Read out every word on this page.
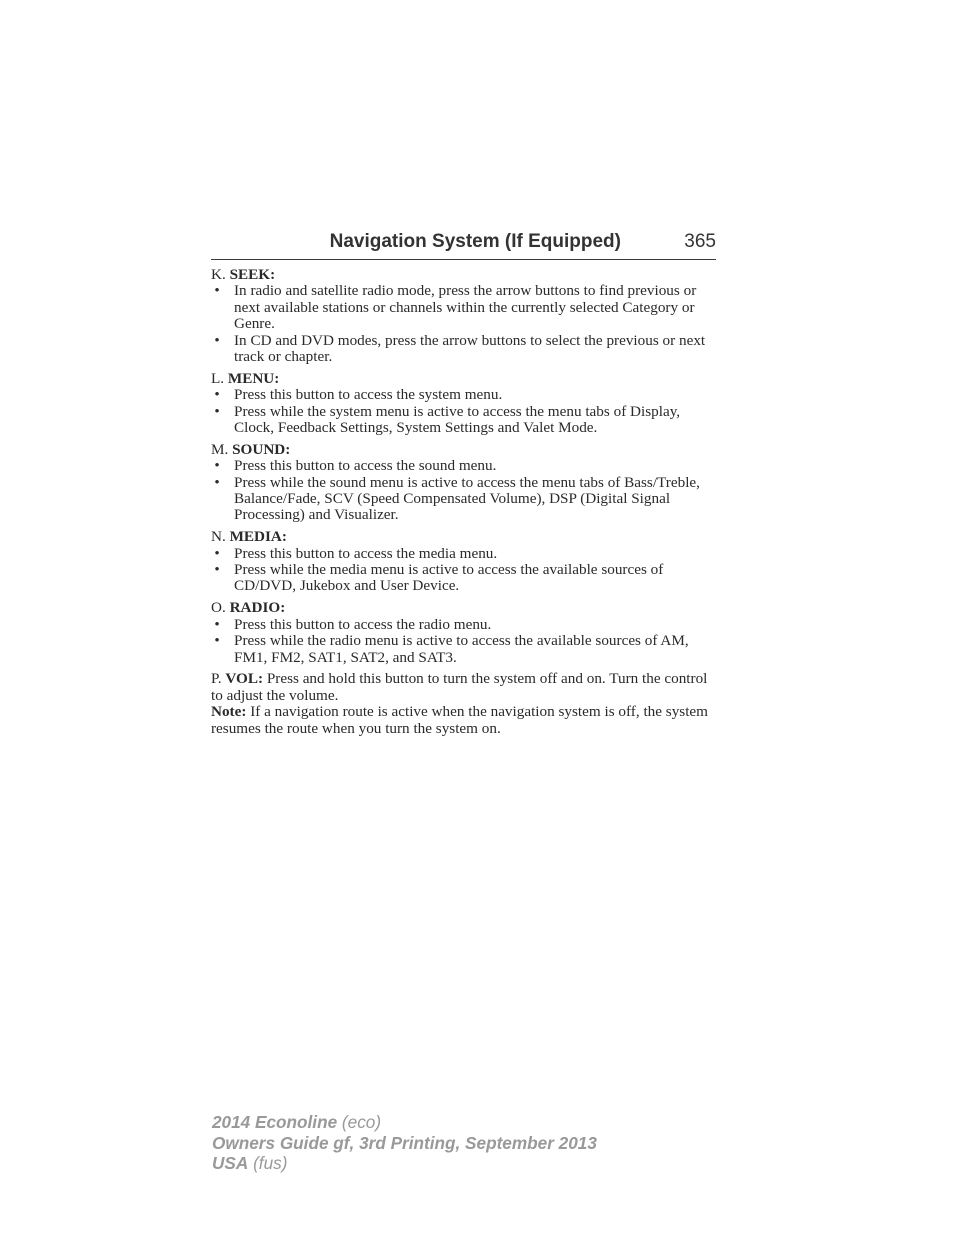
Navigation System (If Equipped)	365

K. SEEK:

• In radio and satellite radio mode, press the arrow buttons to find previous or next available stations or channels within the currently selected Category or Genre.
• In CD and DVD modes, press the arrow buttons to select the previous or next track or chapter.

L. MENU:

• Press this button to access the system menu.
• Press while the system menu is active to access the menu tabs of Display, Clock, Feedback Settings, System Settings and Valet Mode.

M. SOUND:

• Press this button to access the sound menu.
• Press while the sound menu is active to access the menu tabs of Bass/Treble, Balance/Fade, SCV (Speed Compensated Volume), DSP (Digital Signal Processing) and Visualizer.

N. MEDIA:

• Press this button to access the media menu.
• Press while the media menu is active to access the available sources of CD/DVD, Jukebox and User Device.

O. RADIO:

• Press this button to access the radio menu.
• Press while the radio menu is active to access the available sources of AM, FM1, FM2, SAT1, SAT2, and SAT3.

P. VOL: Press and hold this button to turn the system off and on. Turn the control to adjust the volume.

Note: If a navigation route is active when the navigation system is off, the system resumes the route when you turn the system on.

2014 Econoline (eco)
Owners Guide gf, 3rd Printing, September 2013
USA (fus)
